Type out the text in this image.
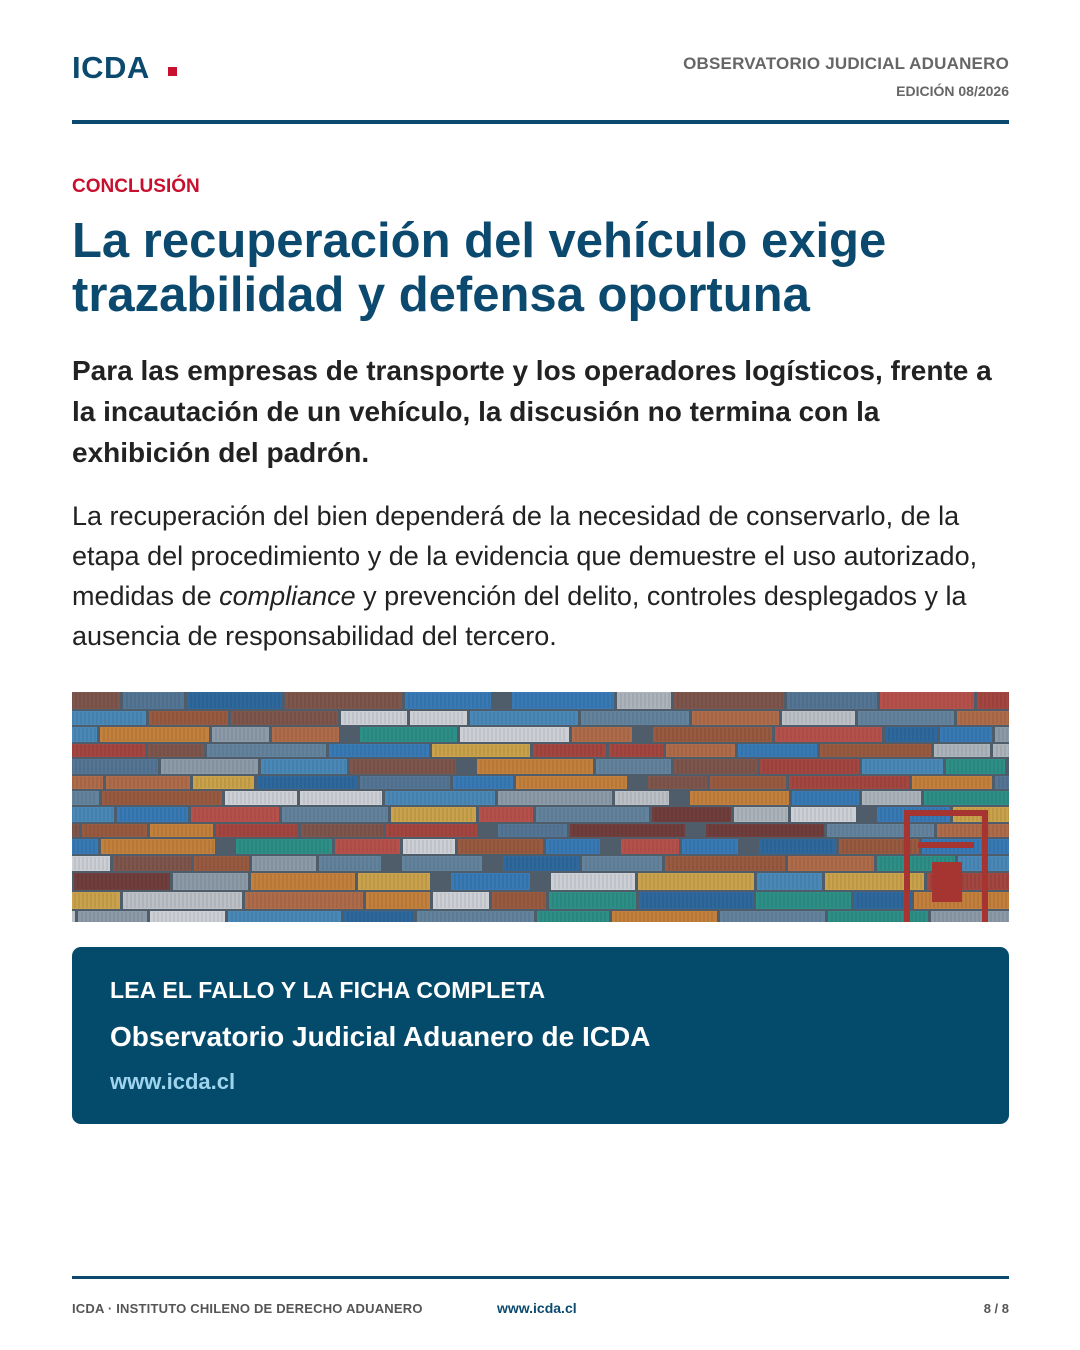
ICDA	OBSERVATORIO JUDICIAL ADUANERO
EDICIÓN 08/2026
CONCLUSIÓN
La recuperación del vehículo exige
trazabilidad y defensa oportuna

Para las empresas de transporte y los operadores logísticos, frente a la incautación de un vehículo, la discusión no termina con la exhibición del padrón.

La recuperación del bien dependerá de la necesidad de conservarlo, de la etapa del procedimiento y de la evidencia que demuestre el uso autorizado, medidas de compliance y prevención del delito, controles desplegados y la ausencia de responsabilidad del tercero.

LEA EL FALLO Y LA FICHA COMPLETA
Observatorio Judicial Aduanero de ICDA
www.icda.cl
ICDA · INSTITUTO CHILENO DE DERECHO ADUANERO	www.icda.cl	8 / 8
